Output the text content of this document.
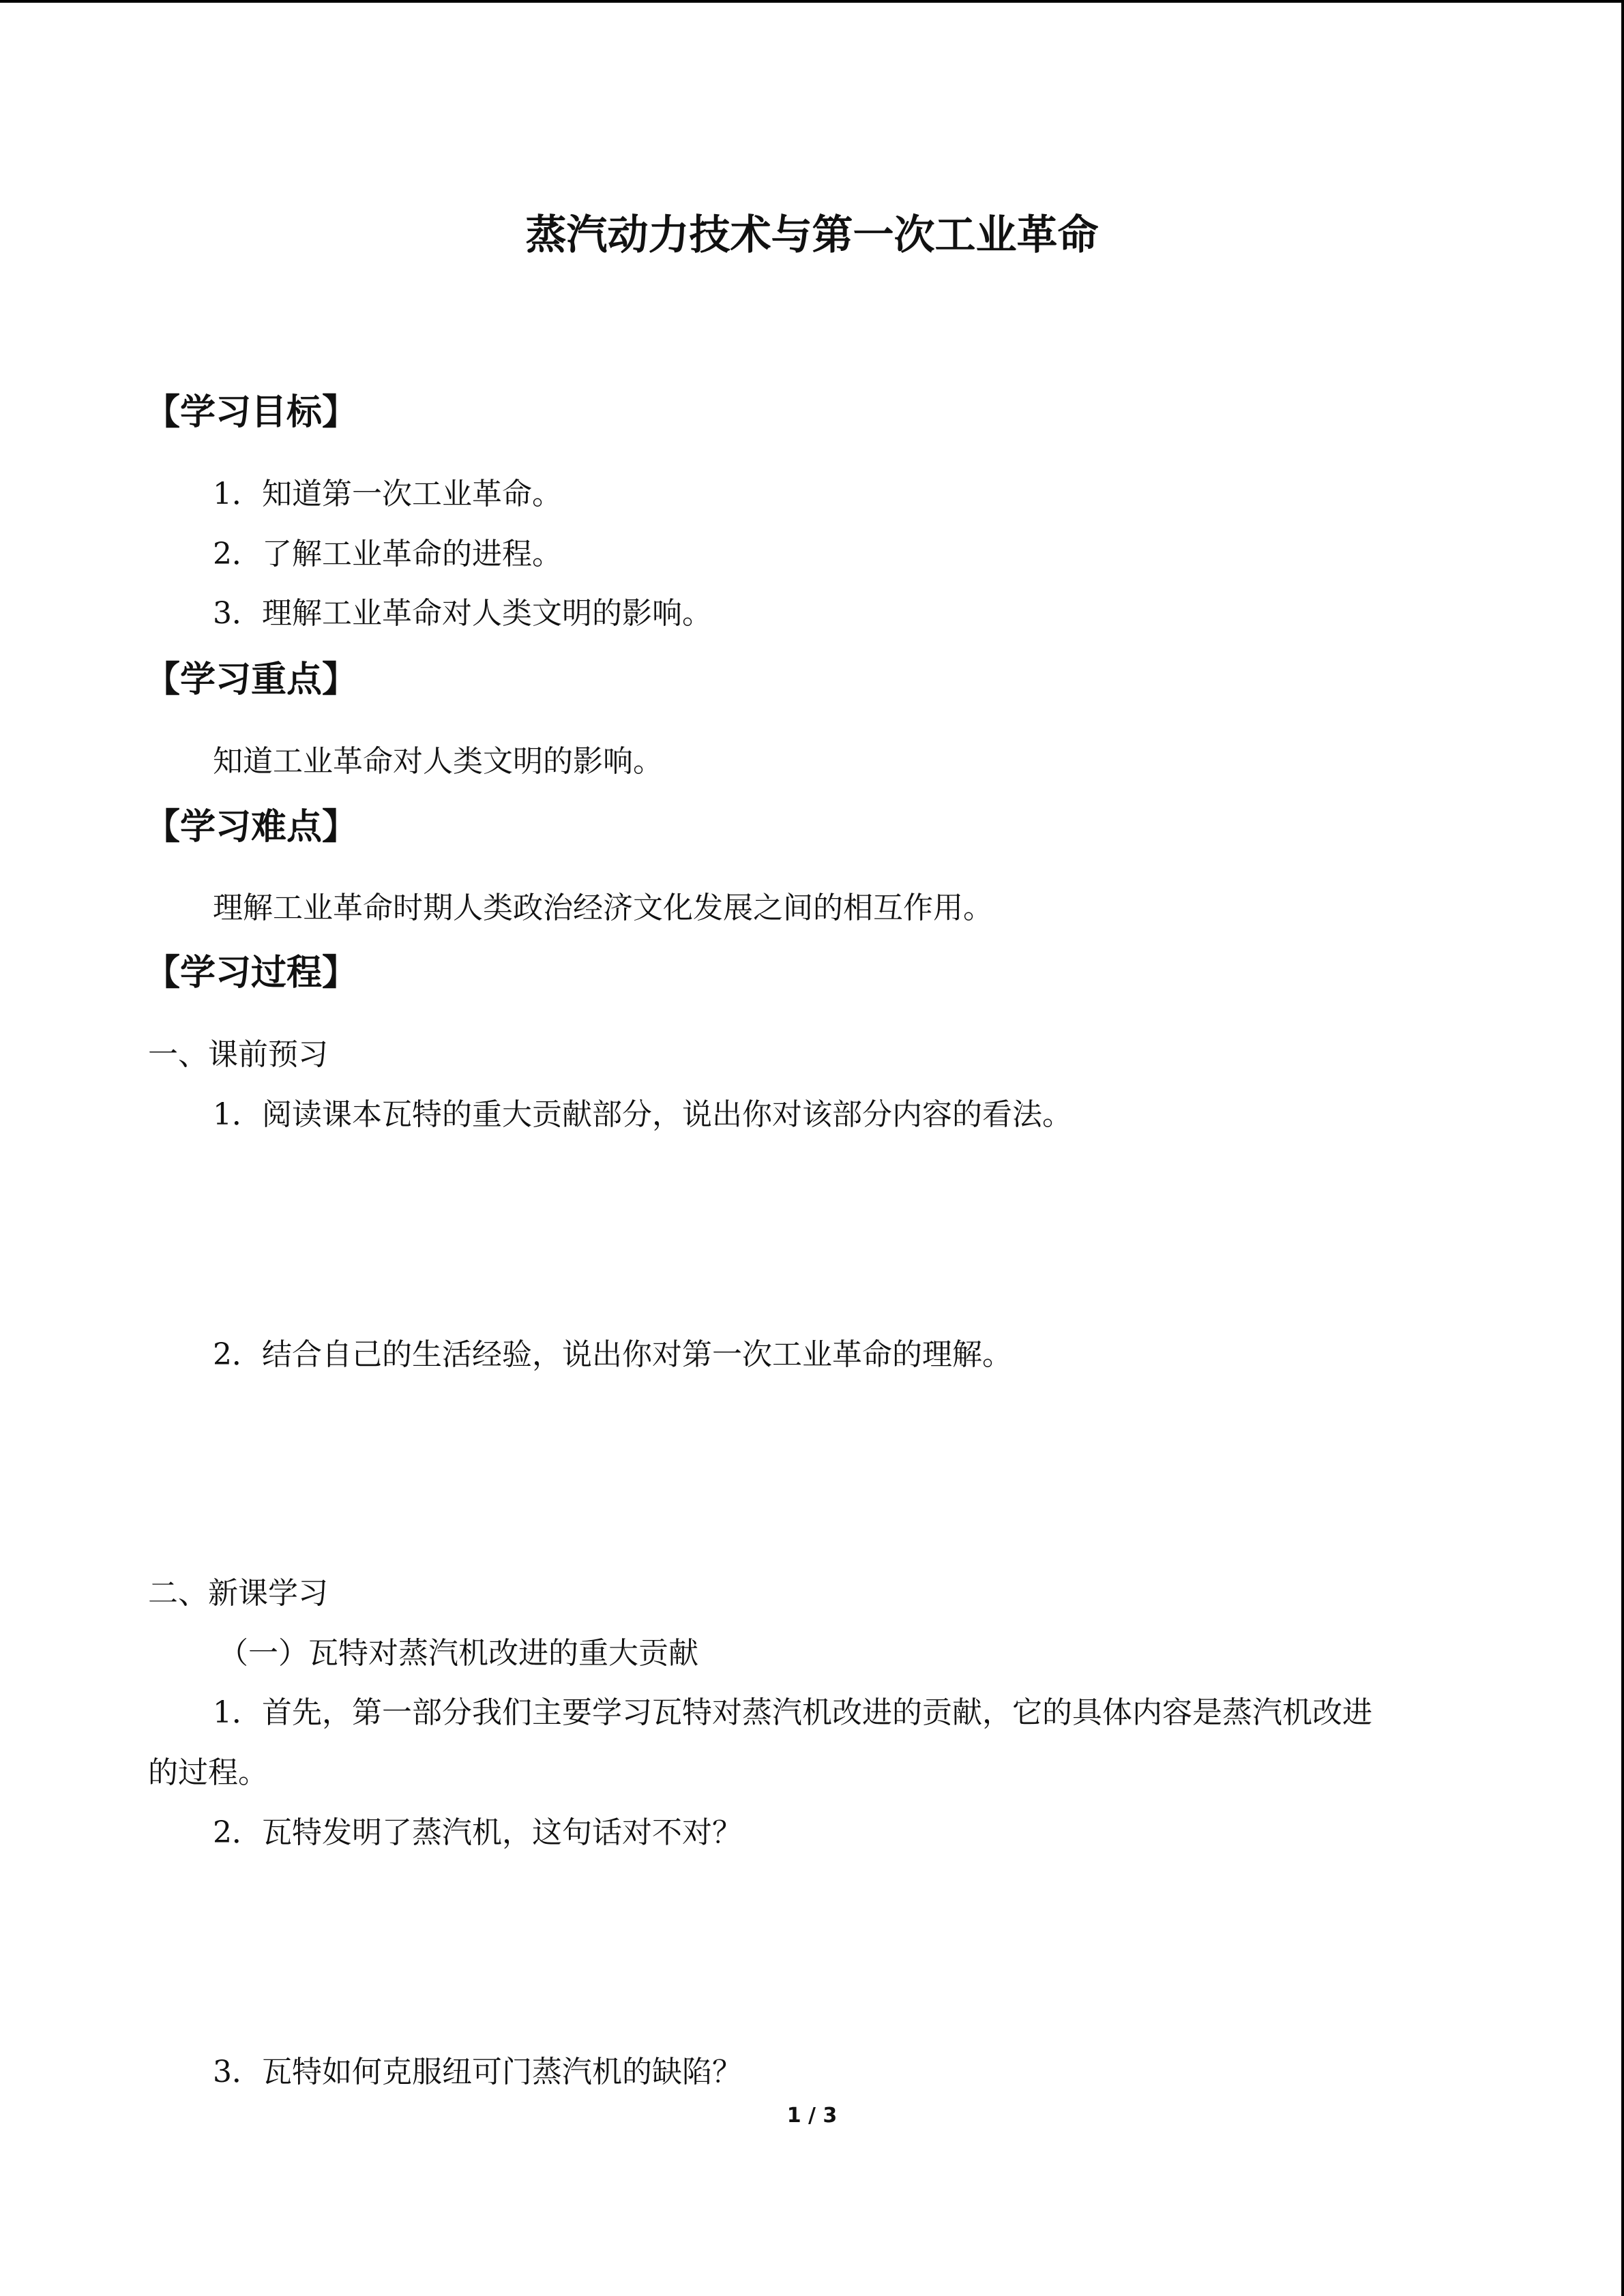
蒸汽动力技术与第一次工业革命
【学习目标】
1．知道第一次工业革命。
2．了解工业革命的进程。
3．理解工业革命对人类文明的影响。
【学习重点】
知道工业革命对人类文明的影响。
【学习难点】
理解工业革命时期人类政治经济文化发展之间的相互作用。
【学习过程】
一、课前预习
1．阅读课本瓦特的重大贡献部分，说出你对该部分内容的看法。
2．结合自己的生活经验，说出你对第一次工业革命的理解。
二、新课学习
（一）瓦特对蒸汽机改进的重大贡献
1．首先，第一部分我们主要学习瓦特对蒸汽机改进的贡献，它的具体内容是蒸汽机改进
的过程。
2．瓦特发明了蒸汽机，这句话对不对？
3．瓦特如何克服纽可门蒸汽机的缺陷？
1 / 3
